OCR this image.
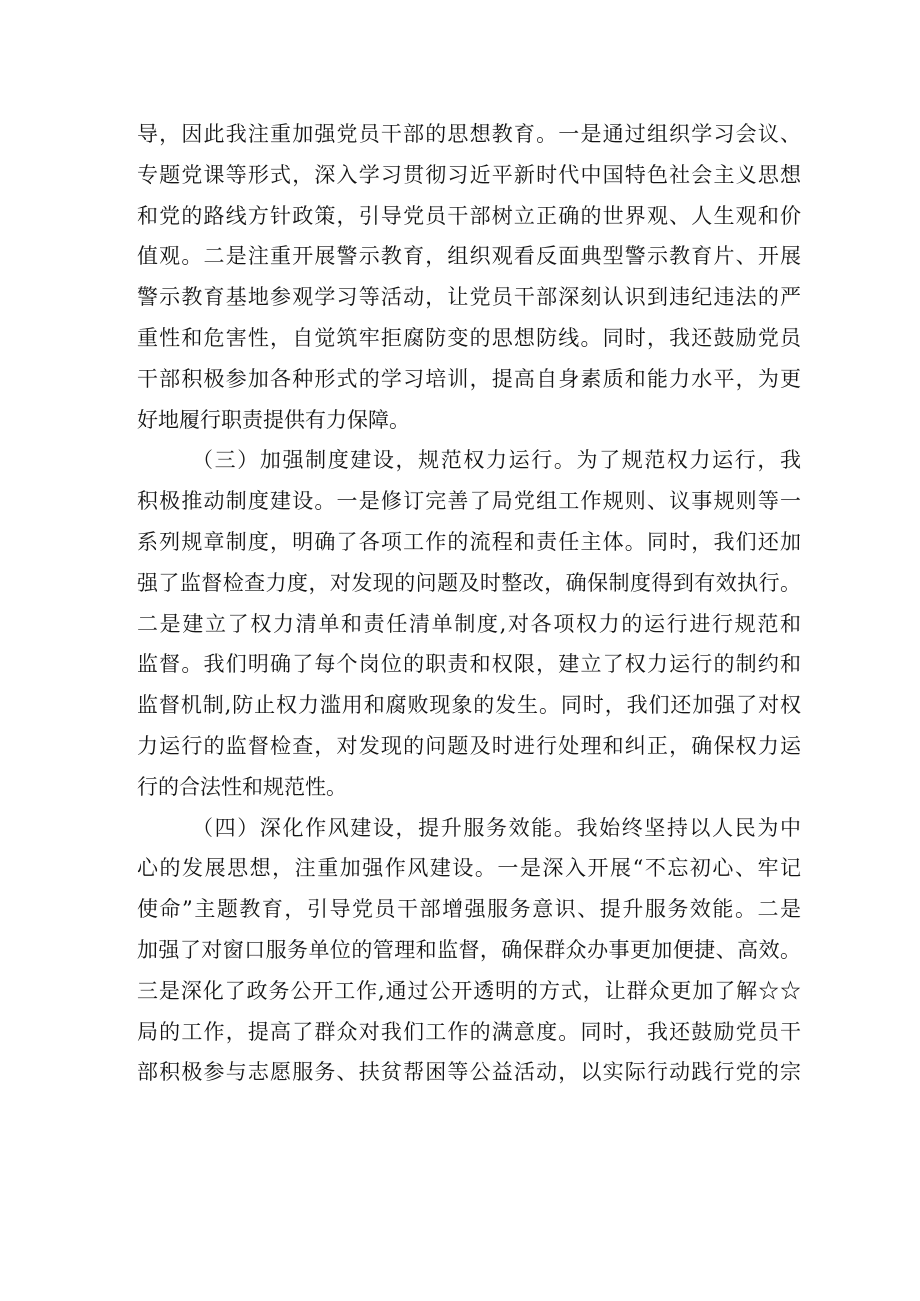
导，因此我注重加强党员干部的思想教育。一是通过组织学习会议、
专题党课等形式，深入学习贯彻习近平新时代中国特色社会主义思想
和党的路线方针政策，引导党员干部树立正确的世界观、人生观和价
值观。二是注重开展警示教育，组织观看反面典型警示教育片、开展
警示教育基地参观学习等活动，让党员干部深刻认识到违纪违法的严
重性和危害性，自觉筑牢拒腐防变的思想防线。同时，我还鼓励党员
干部积极参加各种形式的学习培训，提高自身素质和能力水平，为更
好地履行职责提供有力保障。
（三）加强制度建设，规范权力运行。为了规范权力运行，我
积极推动制度建设。一是修订完善了局党组工作规则、议事规则等一
系列规章制度，明确了各项工作的流程和责任主体。同时，我们还加
强了监督检查力度，对发现的问题及时整改，确保制度得到有效执行。
二是建立了权力清单和责任清单制度,对各项权力的运行进行规范和
监督。我们明确了每个岗位的职责和权限，建立了权力运行的制约和
监督机制,防止权力滥用和腐败现象的发生。同时，我们还加强了对权
力运行的监督检查，对发现的问题及时进行处理和纠正，确保权力运
行的合法性和规范性。
（四）深化作风建设，提升服务效能。我始终坚持以人民为中
心的发展思想，注重加强作风建设。一是深入开展“不忘初心、牢记
使命”主题教育，引导党员干部增强服务意识、提升服务效能。二是
加强了对窗口服务单位的管理和监督，确保群众办事更加便捷、高效。
三是深化了政务公开工作,通过公开透明的方式，让群众更加了解☆☆
局的工作，提高了群众对我们工作的满意度。同时，我还鼓励党员干
部积极参与志愿服务、扶贫帮困等公益活动，以实际行动践行党的宗
